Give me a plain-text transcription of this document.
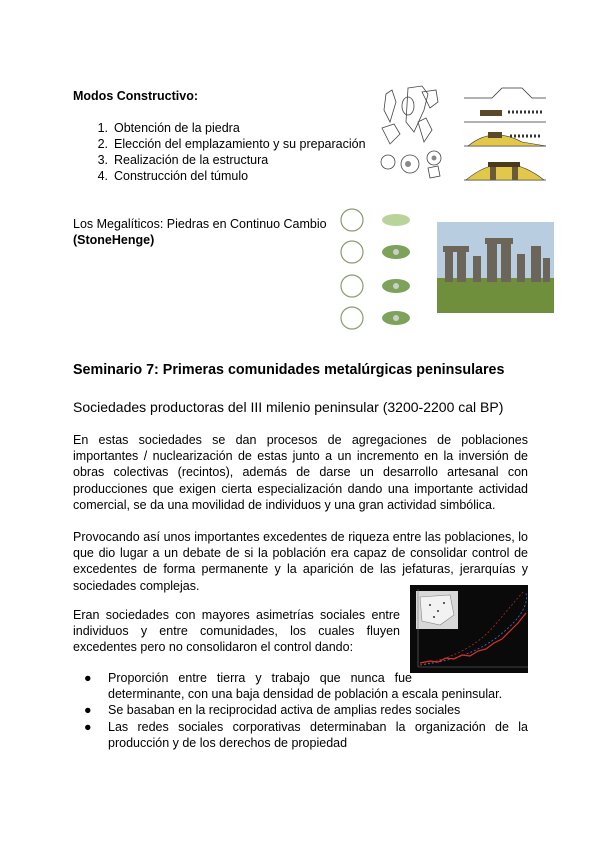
Modos Constructivo:
1. Obtención de la piedra
2. Elección del emplazamiento y su preparación
3. Realización de la estructura
4. Construcción del túmulo
Los Megalíticos: Piedras en Continuo Cambio
(StoneHenge)
Seminario 7: Primeras comunidades metalúrgicas peninsulares
Sociedades productoras del III milenio peninsular (3200-2200 cal BP)
En estas sociedades se dan procesos de agregaciones de poblaciones importantes / nuclearización de estas junto a un incremento en la inversión de obras colectivas (recintos), además de darse un desarrollo artesanal con producciones que exigen cierta especialización dando una importante actividad comercial, se da una movilidad de individuos y una gran actividad simbólica.
Provocando así unos importantes excedentes de riqueza entre las poblaciones, lo que dio lugar a un debate de si la población era capaz de consolidar control de excedentes de forma permanente y la aparición de las jefaturas, jerarquías y sociedades complejas.
Eran sociedades con mayores asimetrías sociales entre individuos y entre comunidades, los cuales fluyen excedentes pero no consolidaron el control dando:
●	Proporción entre tierra y trabajo que nunca fue
determinante, con una baja densidad de población a escala peninsular.
●	Se basaban en la reciprocidad activa de amplias redes sociales
●	Las redes sociales corporativas determinaban la organización de la
producción y de los derechos de propiedad
